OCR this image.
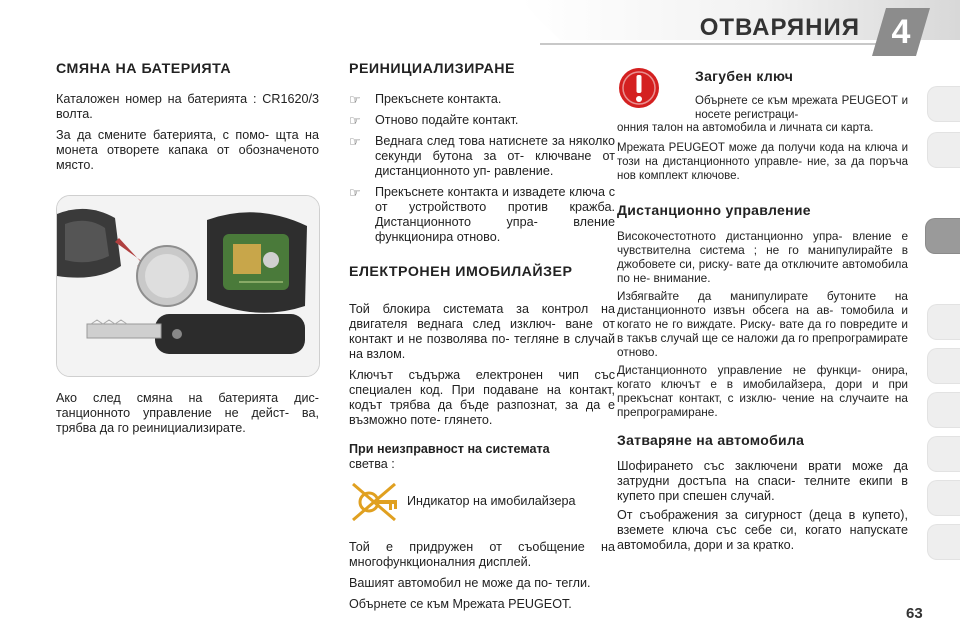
ОТВАРЯНИЯ 4
СМЯНА НА БАТЕРИЯТА

Каталожен номер на батерията : CR1620/3 волта.

За да смените батерията, с помо- щта на монета отворете капака от обозначеното място.

Ако след смяна на батерията дис- танционното управление не дейст- ва, трябва да го реинициализирате.

РЕИНИЦИАЛИЗИРАНЕ
☞ Прекъснете контакта.
☞ Отново подайте контакт.
☞ Веднага след това натиснете за няколко секунди бутона за от- ключване от дистанционното уп- равление.
☞ Прекъснете контакта и извадете ключа с от устройството против кражба. Дистанционното упра- вление функционира отново.
ЕЛЕКТРОНЕН ИМОБИЛАЙЗЕР

Той блокира системата за контрол на двигателя веднага след изключ- ване от контакт и не позволява по- тегляне в случай на взлом.

Ключът съдържа електронен чип със специален код. При подаване на контакт, кодът трябва да бъде разпознат, за да е възможно поте- глянето.

При неизправност на системата
светва :

Индикатор на имобилайзера

Той е придружен от съобщение на многофункционалния дисплей.

Вашият автомобил не може да по- тегли.

Обърнете се към Мрежата PEUGEOT.

Загубен ключ
Обърнете се към мрежата PEUGEOT и носете регистраци-

онния талон на автомобила и личната си карта.

Мрежата PEUGEOT може да получи кода на ключа и този на дистанционното управле- ние, за да поръча нов комплект ключове.

Дистанционно управление

Високочестотното дистанционно упра- вление е чувствителна система ; не го манипулирайте в джобовете си, риску- вате да отключите автомобила по не- внимание.

Избягвайте да манипулирате бутоните на дистанционното извън обсега на ав- томобила и когато не го виждате. Риску- вате да го повредите и в такъв случай ще се наложи да го препрограмирате отново.

Дистанционното управление не функци- онира, когато ключът е в имобилайзера, дори и при прекъснат контакт, с изклю- чение на случаите на препрограмиране.

Затваряне на автомобила

Шофирането със заключени врати може да затрудни достъпа на спаси- телните екипи в купето при спешен случай.

От съображения за сигурност (деца в купето), вземете ключа със себе си, когато напускате автомобила, дори и за кратко.

63
